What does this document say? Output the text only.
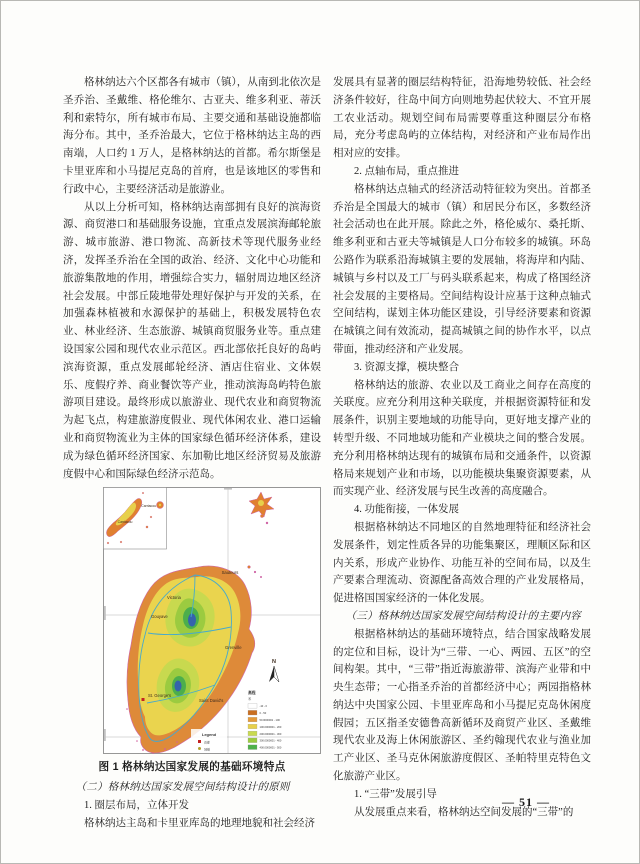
格林纳达六个区都各有城市（镇），从南到北依次是圣乔治、圣戴维、格伦维尔、古亚夫、维多利亚、蒂沃利和索特尔，所有城市布局、主要交通和基础设施都临海分布。其中，圣乔治最大，它位于格林纳达主岛的西南端，人口约 1 万人，是格林纳达的首都。希尔斯堡是卡里亚库和小马提尼克岛的首府，也是该地区的零售和行政中心，主要经济活动是旅游业。

从以上分析可知，格林纳达南部拥有良好的滨海资源、商贸港口和基础服务设施，宜重点发展滨海邮轮旅游、城市旅游、港口物流、高新技术等现代服务业经济，发挥圣乔治在全国的政治、经济、文化中心功能和旅游集散地的作用，增强综合实力，辐射周边地区经济社会发展。中部丘陵地带处理好保护与开发的关系，在加强森林植被和水源保护的基础上，积极发展特色农业、林业经济、生态旅游、城镇商贸服务业等。重点建设国家公园和现代农业示范区。西北部依托良好的岛屿滨海资源，重点发展邮轮经济、酒店住宿业、文体娱乐、度假疗养、商业餐饮等产业，推动滨海岛屿特色旅游项目建设。最终形成以旅游业、现代农业和商贸物流为起飞点，构建旅游度假业、现代体闲农业、港口运输业和商贸物流业为主体的国家绿色循环经济体系，建设成为绿色循环经济国家、东加勒比地区经济贸易及旅游度假中心和国际绿色经济示范岛。

Sauteurs
Victoria
Gouyave
Grenville
St. George's
Saint David's
Carriacou
Carriacou
N
高程
米
-10 - 0
0 - 50
50.0000001 - 100
100.0000001 - 200
200.0000001 - 300
300.0000001 - 400
400.0000001 - 500
Legend
首都
城镇

图 1 格林纳达国家发展的基础环境特点

（二）格林纳达国家发展空间结构设计的原则

1. 圈层布局，立体开发

格林纳达主岛和卡里亚库岛的地理地貌和社会经济

发展具有显著的圈层结构特征，沿海地势较低、社会经济条件较好，往岛中间方向则地势起伏较大、不宜开展工农业活动。规划空间布局需要尊重这种圈层分布格局，充分考虑岛屿的立体结构，对经济和产业布局作出相对应的安排。

2. 点轴布局，重点推进

格林纳达点轴式的经济活动特征较为突出。首都圣乔治是全国最大的城市（镇）和居民分布区，多数经济社会活动也在此开展。除此之外，格伦威尔、桑托斯、维多利亚和古亚夫等城镇是人口分布较多的城镇。环岛公路作为联系沿海城镇主要的发展轴，将海岸和内陆、城镇与乡村以及工厂与码头联系起来，构成了格国经济社会发展的主要格局。空间结构设计应基于这种点轴式空间结构，谋划主体功能区建设，引导经济要素和资源在城镇之间有效流动，提高城镇之间的协作水平，以点带面，推动经济和产业发展。

3. 资源支撑，模块整合

格林纳达的旅游、农业以及工商业之间存在高度的关联度。应充分利用这种关联度，并根据资源特征和发展条件，识别主要地域的功能导向，更好地支撑产业的转型升级、不同地域功能和产业模块之间的整合发展。充分利用格林纳达现有的城镇布局和交通条件，以资源格局来规划产业和市场，以功能模块集聚资源要素，从而实现产业、经济发展与民生改善的高度融合。

4. 功能衔接，一体发展

根据格林纳达不同地区的自然地理特征和经济社会发展条件，划定性质各异的功能集聚区，理顺区际和区内关系，形成产业协作、功能互补的空间布局，以及生产要素合理流动、资源配备高效合理的产业发展格局，促进格国国家经济的一体化发展。

（三）格林纳达国家发展空间结构设计的主要内容

根据格林纳达的基础环境特点，结合国家战略发展的定位和目标，设计为“三带、一心、两园、五区”的空间构架。其中，“三带”指近海旅游带、滨海产业带和中央生态带；一心指圣乔治的首都经济中心；两园指格林纳达中央国家公园、卡里亚库岛和小马提尼克岛休闲度假园；五区指圣安德鲁高新循环及商贸产业区、圣戴维现代农业及海上休闲旅游区、圣约翰现代农业与渔业加工产业区、圣马克休闲旅游度假区、圣帕特里克特色文化旅游产业区。

1. “三带”发展引导

从发展重点来看，格林纳达空间发展的“三带”的

— 51 —
